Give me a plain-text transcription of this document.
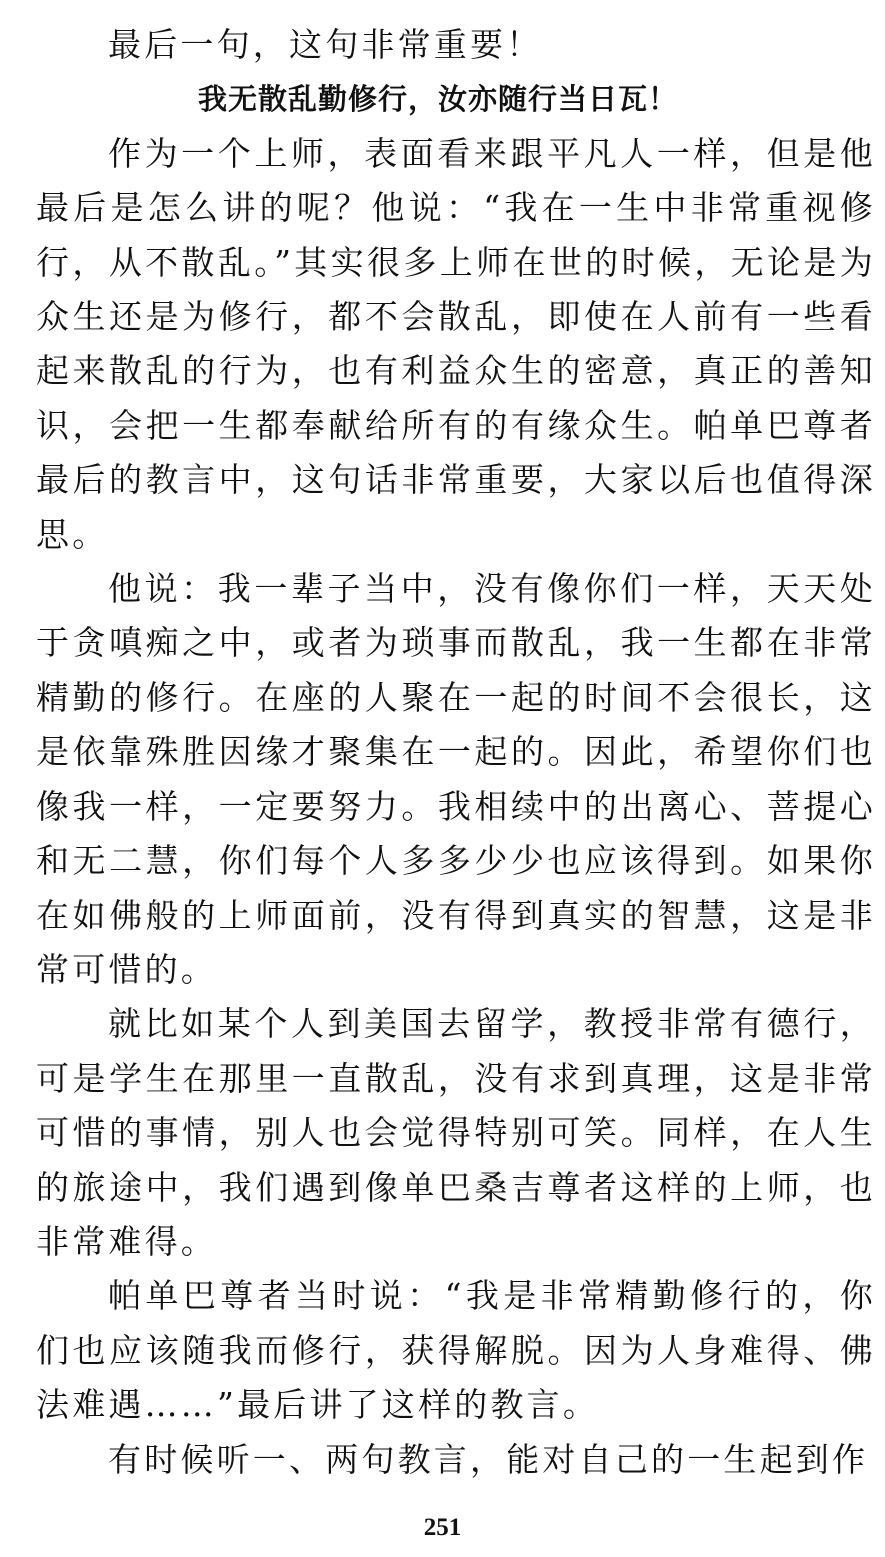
最后一句，这句非常重要！

我无散乱勤修行，汝亦随行当日瓦！

作为一个上师，表面看来跟平凡人一样，但是他最后是怎么讲的呢？他说：“我在一生中非常重视修行，从不散乱。”其实很多上师在世的时候，无论是为众生还是为修行，都不会散乱，即使在人前有一些看起来散乱的行为，也有利益众生的密意，真正的善知识，会把一生都奉献给所有的有缘众生。帕单巴尊者最后的教言中，这句话非常重要，大家以后也值得深思。

他说：我一辈子当中，没有像你们一样，天天处于贪嗔痴之中，或者为琐事而散乱，我一生都在非常精勤的修行。在座的人聚在一起的时间不会很长，这是依靠殊胜因缘才聚集在一起的。因此，希望你们也像我一样，一定要努力。我相续中的出离心、菩提心和无二慧，你们每个人多多少少也应该得到。如果你在如佛般的上师面前，没有得到真实的智慧，这是非常可惜的。

就比如某个人到美国去留学，教授非常有德行，可是学生在那里一直散乱，没有求到真理，这是非常可惜的事情，别人也会觉得特别可笑。同样，在人生的旅途中，我们遇到像单巴桑吉尊者这样的上师，也非常难得。

帕单巴尊者当时说：“我是非常精勤修行的，你们也应该随我而修行，获得解脱。因为人身难得、佛法难遇……”最后讲了这样的教言。

有时候听一、两句教言，能对自己的一生起到作

251
